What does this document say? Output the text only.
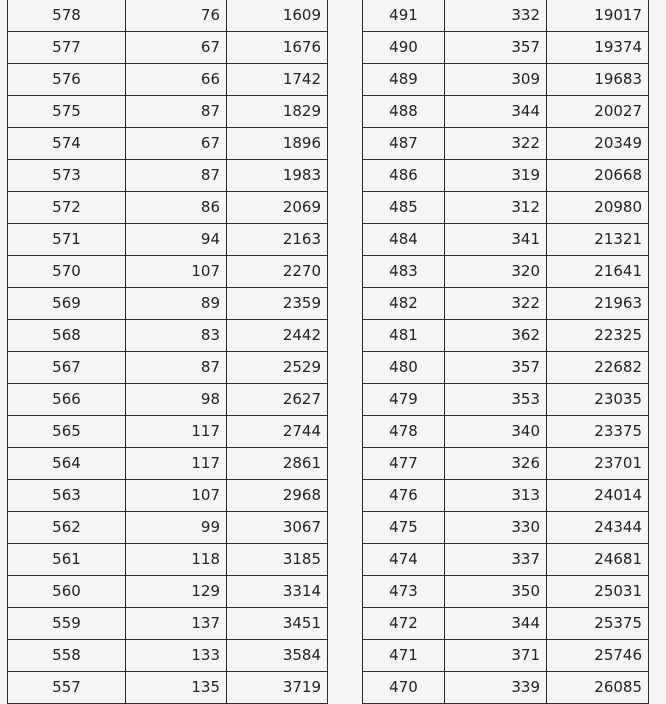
578	76	1609
577	67	1676
576	66	1742
575	87	1829
574	67	1896
573	87	1983
572	86	2069
571	94	2163
570	107	2270
569	89	2359
568	83	2442
567	87	2529
566	98	2627
565	117	2744
564	117	2861
563	107	2968
562	99	3067
561	118	3185
560	129	3314
559	137	3451
558	133	3584
557	135	3719
491	332	19017
490	357	19374
489	309	19683
488	344	20027
487	322	20349
486	319	20668
485	312	20980
484	341	21321
483	320	21641
482	322	21963
481	362	22325
480	357	22682
479	353	23035
478	340	23375
477	326	23701
476	313	24014
475	330	24344
474	337	24681
473	350	25031
472	344	25375
471	371	25746
470	339	26085
